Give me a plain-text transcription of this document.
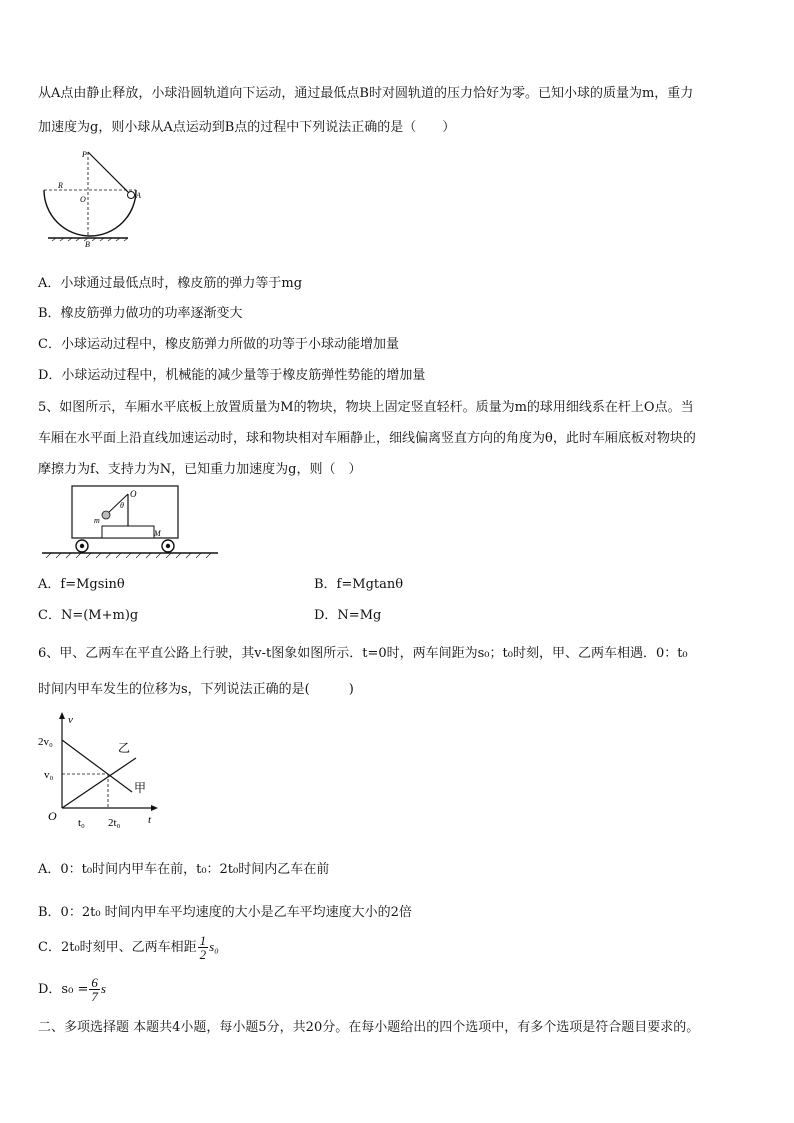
从A点由静止释放，小球沿圆轨道向下运动，通过最低点B时对圆轨道的压力恰好为零。已知小球的质量为m，重力
加速度为g，则小球从A点运动到B点的过程中下列说法正确的是（　　）
P
A
R
O
B
A．小球通过最低点时，橡皮筋的弹力等于mg
B．橡皮筋弹力做功的功率逐渐变大
C．小球运动过程中，橡皮筋弹力所做的功等于小球动能增加量
D．小球运动过程中，机械能的减少量等于橡皮筋弹性势能的增加量
5、如图所示，车厢水平底板上放置质量为M的物块，物块上固定竖直轻杆。质量为m的球用细线系在杆上O点。当
车厢在水平面上沿直线加速运动时，球和物块相对车厢静止，细线偏离竖直方向的角度为θ，此时车厢底板对物块的
摩擦力为f、支持力为N，已知重力加速度为g，则（　）
O
θ
m
M
A．f=Mgsinθ	B．f=Mgtanθ
C．N=(M+m)g	D．N=Mg
6、甲、乙两车在平直公路上行驶，其v-t图象如图所示．t=0时，两车间距为s₀；t₀时刻，甲、乙两车相遇．0：t₀
时间内甲车发生的位移为s，下列说法正确的是(　　　)
v
t
O
2v₀
v₀
t₀ 2t₀
乙
甲
A．0：t₀时间内甲车在前，t₀：2t₀时间内乙车在前
B．0：2t₀ 时间内甲车平均速度的大小是乙车平均速度大小的2倍
C．2t₀时刻甲、乙两车相距 $\frac{1}{2} s_0$
D．$s_0 = \frac{6}{7}$ s
二、多项选择题 本题共4小题，每小题5分，共20分。在每小题给出的四个选项中，有多个选项是符合题目要求的。
